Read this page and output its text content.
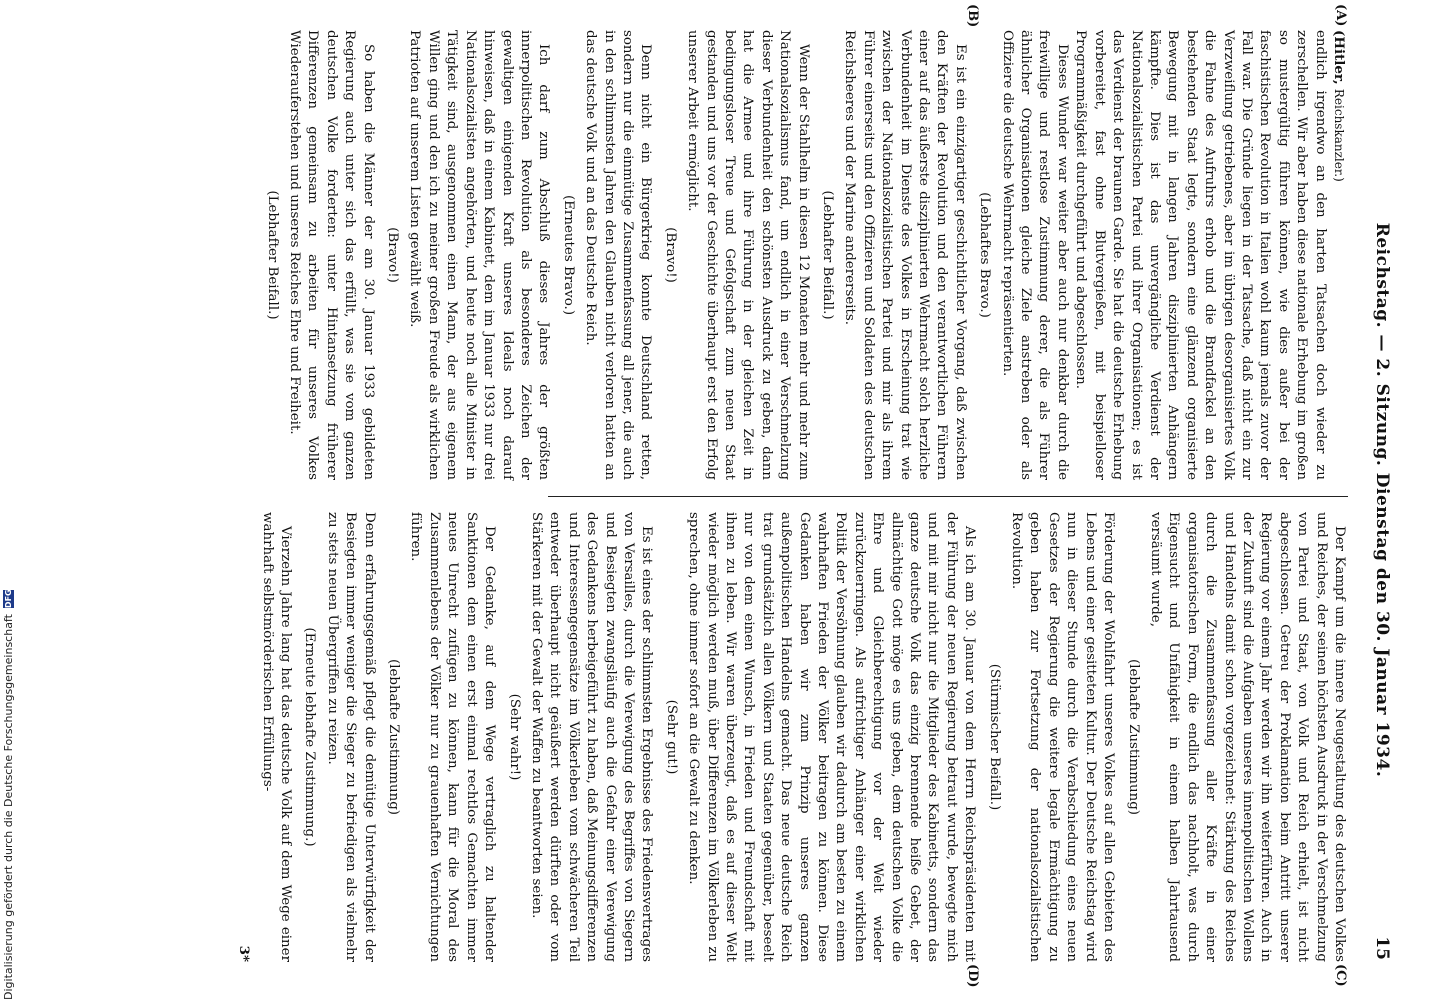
Reichstag. — 2. Sitzung. Dienstag den 30. Januar 1934.
15
(A)
(B)
(C)
(D)

(Hitler, Reichskanzler.)

endlich irgendwo an den harten Tatsachen doch wieder zu zerschellen. Wir aber haben diese nationale Erhebung im großen so mustergültig führen können, wie dies außer bei der faschistischen Revolution in Italien wohl kaum jemals zuvor der Fall war. Die Gründe liegen in der Tatsache, daß nicht ein zur Verzweiflung getriebenes, aber im übrigen desorganisiertes Volk die Fahne des Aufruhrs erhob und die Brandfackel an den bestehenden Staat legte, sondern eine glänzend organisierte Bewegung mit in langen Jahren disziplinierten Anhängern kämpfte. Dies ist das unvergängliche Verdienst der Nationalsozialistischen Partei und ihrer Organisationen; es ist das Verdienst der braunen Garde. Sie hat die deutsche Erhebung vorbereitet, fast ohne Blutvergießen, mit beispielloser Programmäßigkeit durchgeführt und abgeschlossen.

Dieses Wunder war weiter aber auch nur denkbar durch die freiwillige und restlose Zustimmung derer, die als Führer ähnlicher Organisationen gleiche Ziele anstreben oder als Offiziere die deutsche Wehrmacht repräsentierten.

(Lebhaftes Bravo.)

Es ist ein einzigartiger geschichtlicher Vorgang, daß zwischen den Kräften der Revolution und den verantwortlichen Führern einer auf das äußerste disziplinierten Wehrmacht solch herzliche Verbundenheit im Dienste des Volkes in Erscheinung trat wie zwischen der Nationalsozialistischen Partei und mir als ihrem Führer einerseits und den Offizieren und Soldaten des deutschen Reichsheeres und der Marine andererseits.

(Lebhafter Beifall.)

Wenn der Stahlhelm in diesen 12 Monaten mehr und mehr zum Nationalsozialismus fand, um endlich in einer Verschmelzung dieser Verbundenheit den schönsten Ausdruck zu geben, dann hat die Armee und ihre Führung in der gleichen Zeit in bedingungsloser Treue und Gefolgschaft zum neuen Staat gestanden und uns vor der Geschichte überhaupt erst den Erfolg unserer Arbeit ermöglicht.

(Bravo!)

Denn nicht ein Bürgerkrieg konnte Deutschland retten, sondern nur die einmütige Zusammenfassung all jener, die auch in den schlimmsten Jahren den Glauben nicht verloren hatten an das deutsche Volk und an das Deutsche Reich.

(Erneutes Bravo.)

Ich darf zum Abschluß dieses Jahres der größten innerpolitischen Revolution als besonderes Zeichen der gewaltigen einigenden Kraft unseres Ideals noch darauf hinweisen, daß in einem Kabinett, dem im Januar 1933 nur drei Nationalsozialisten angehörten, und heute noch alle Minister in Tätigkeit sind, ausgenommen einen Mann, der aus eigenem Willen ging und den ich zu meiner großen Freude als wirklichen Patrioten auf unserem Listen gewählt weiß.

(Bravo!)

So haben die Männer der am 30. Januar 1933 gebildeten Regierung auch unter sich das erfüllt, was sie vom ganzen deutschen Volke forderten: unter Hintansetzung früherer Differenzen gemeinsam zu arbeiten für unseres Volkes Wiederauferstehen und unseres Reiches Ehre und Freiheit.

(Lebhafter Beifall.)

Der Kampf um die innere Neugestaltung des deutschen Volkes und Reiches, der seinen höchsten Ausdruck in der Verschmelzung von Partei und Staat, von Volk und Reich erhielt, ist nicht abgeschlossen. Getreu der Proklamation beim Antritt unserer Regierung vor einem Jahr werden wir ihn weiterführen. Auch in der Zukunft sind die Aufgaben unseres innenpolitischen Wollens und Handelns damit schon vorgezeichnet: Stärkung des Reiches durch die Zusammenfassung aller Kräfte in einer organisatorischen Form, die endlich das nachholt, was durch Eigensucht und Unfähigkeit in einem halben Jahrtausend versäumt wurde,

(lebhafte Zustimmung)

Förderung der Wohlfahrt unseres Volkes auf allen Gebieten des Lebens und einer gesitteten Kultur. Der Deutsche Reichstag wird nun in dieser Stunde durch die Verabschiedung eines neuen Gesetzes der Regierung die weitere legale Ermächtigung zu geben haben zur Fortsetzung der nationalsozialistischen Revolution.

(Stürmischer Beifall.)

Als ich am 30. Januar von dem Herrn Reichspräsidenten mit der Führung der neuen Regierung betraut wurde, bewegte mich und mit mir nicht nur die Mitglieder des Kabinetts, sondern das ganze deutsche Volk das einzig brennende heiße Gebet, der allmächtige Gott möge es uns geben, dem deutschen Volke die Ehre und Gleichberechtigung vor der Welt wieder zurückzuerringen. Als aufrichtiger Anhänger einer wirklichen Politik der Versöhnung glauben wir dadurch am besten zu einem wahrhaften Frieden der Völker beitragen zu können. Diese Gedanken haben wir zum Prinzip unseres ganzen außenpolitischen Handelns gemacht. Das neue deutsche Reich trat grundsätzlich allen Völkern und Staaten gegenüber, beseelt nur von dem einen Wunsch, in Frieden und Freundschaft mit ihnen zu leben. Wir waren überzeugt, daß es auf dieser Welt wieder möglich werden muß, über Differenzen im Völkerleben zu sprechen, ohne immer sofort an die Gewalt zu denken.

(Sehr gut!)

Es ist eines der schlimmsten Ergebnisse des Friedensvertrages von Versailles, durch die Verewigung des Begriffes von Siegern und Besiegten zwangsläufig auch die Gefahr einer Verewigung des Gedankens herbeigeführt zu haben, daß Meinungsdifferenzen und Interessengegensätze im Völkerleben vom schwächeren Teil entweder überhaupt nicht geäußert werden dürften oder vom Stärkeren mit der Gewalt der Waffen zu beantworten seien.

(Sehr wahr!)

Der Gedanke, auf dem Wege vertraglich zu haltender Sanktionen dem einen erst einmal rechtlos Gemachten immer neues Unrecht zufügen zu können, kann für die Moral des Zusammenlebens der Völker nur zu grauenhaften Vernichtungen führen.

(lebhafte Zustimmung)

Denn erfahrungsgemäß pflegt die demütige Unterwürfigkeit der Besiegten immer weniger die Sieger zu befriedigen als vielmehr zu stets neuen Übergriffen zu reizen.

(Erneute lebhafte Zustimmung.)

Vierzehn Jahre lang hat das deutsche Volk auf dem Wege einer wahrhaft selbstmörderischen Erfüllungs-

3*
Digitalisierung gefördert durch die Deutsche Forschungsgemeinschaft
DFG
